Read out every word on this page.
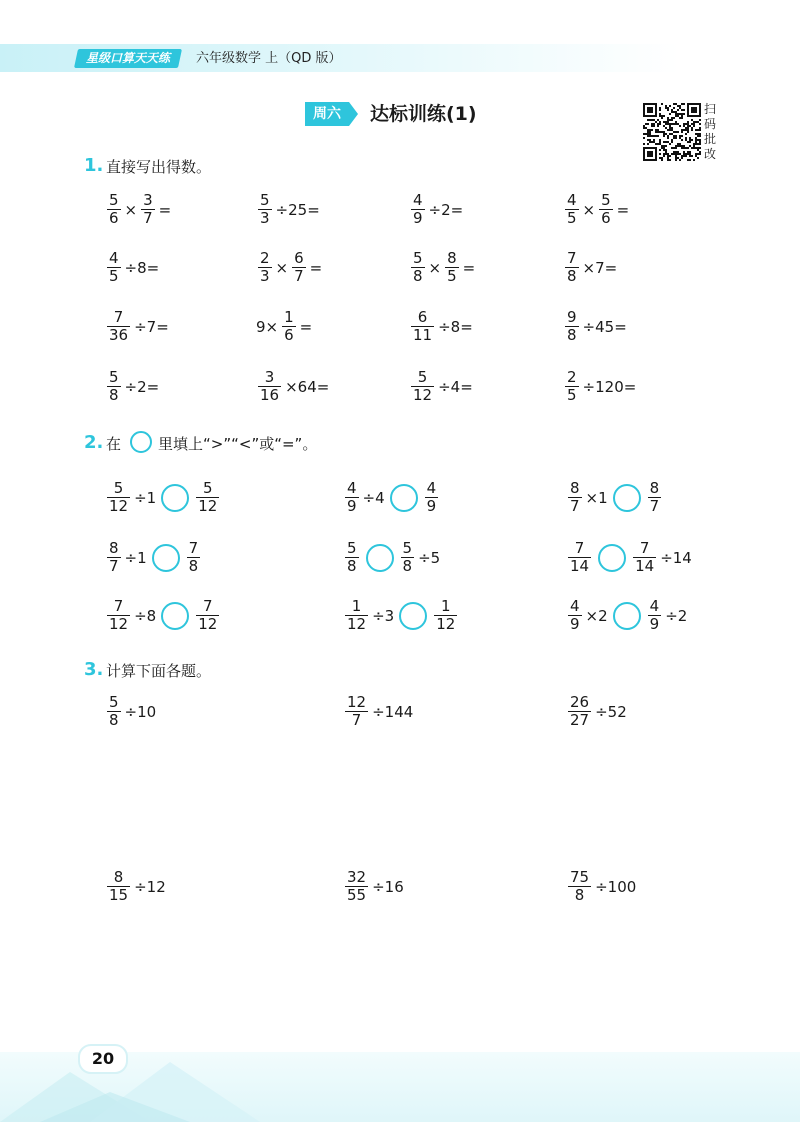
星级口算天天练	六年级数学 上（QD 版）
周六	达标训练(1)	扫
码
批
改
1. 直接写出得数。
2. 在 里填上“>”“<”或“=”。
3. 计算下面各题。
20
$\frac{5}{6} \times \frac{3}{7}$ =	$\frac{5}{3} \div 25=$	$\frac{4}{9} \div 2=$	$\frac{4}{5} \times \frac{5}{6}$ =
$\frac{4}{5} \div 8=$	$\frac{2}{3} \times \frac{6}{7}$ =	$\frac{5}{8} \times \frac{8}{5}$ =	$\frac{7}{8} \times 7=$
$\frac{7}{36} \div 7=$	$9\times \frac{1}{6}$ =	$\frac{6}{11} \div 8=$	$\frac{9}{8} \div 45=$
$\frac{5}{8} \div 2=$	$\frac{3}{16} \times 64=$	$\frac{5}{12} \div 4=$	$\frac{2}{5} \div 120=$
$\frac{5}{12} \div 1$	$\frac{5}{12}$	$\frac{4}{9} \div 4$	$\frac{4}{9}$	$\frac{8}{7} \times 1$	$\frac{8}{7}$
$\frac{8}{7} \div 1$	$\frac{7}{8}$	$\frac{5}{8}$	$\frac{5}{8} \div 5$	$\frac{7}{14}$	$\frac{7}{14} \div 14$
$\frac{7}{12} \div 8$	$\frac{7}{12}$	$\frac{1}{12} \div 3$	$\frac{1}{12}$	$\frac{4}{9} \times 2$	$\frac{4}{9} \div 2$
$\frac{5}{8} \div 10$	$\frac{12}{7} \div 144$	$\frac{26}{27} \div 52$
$\frac{8}{15} \div 12$	$\frac{32}{55} \div 16$	$\frac{75}{8} \div 100$
